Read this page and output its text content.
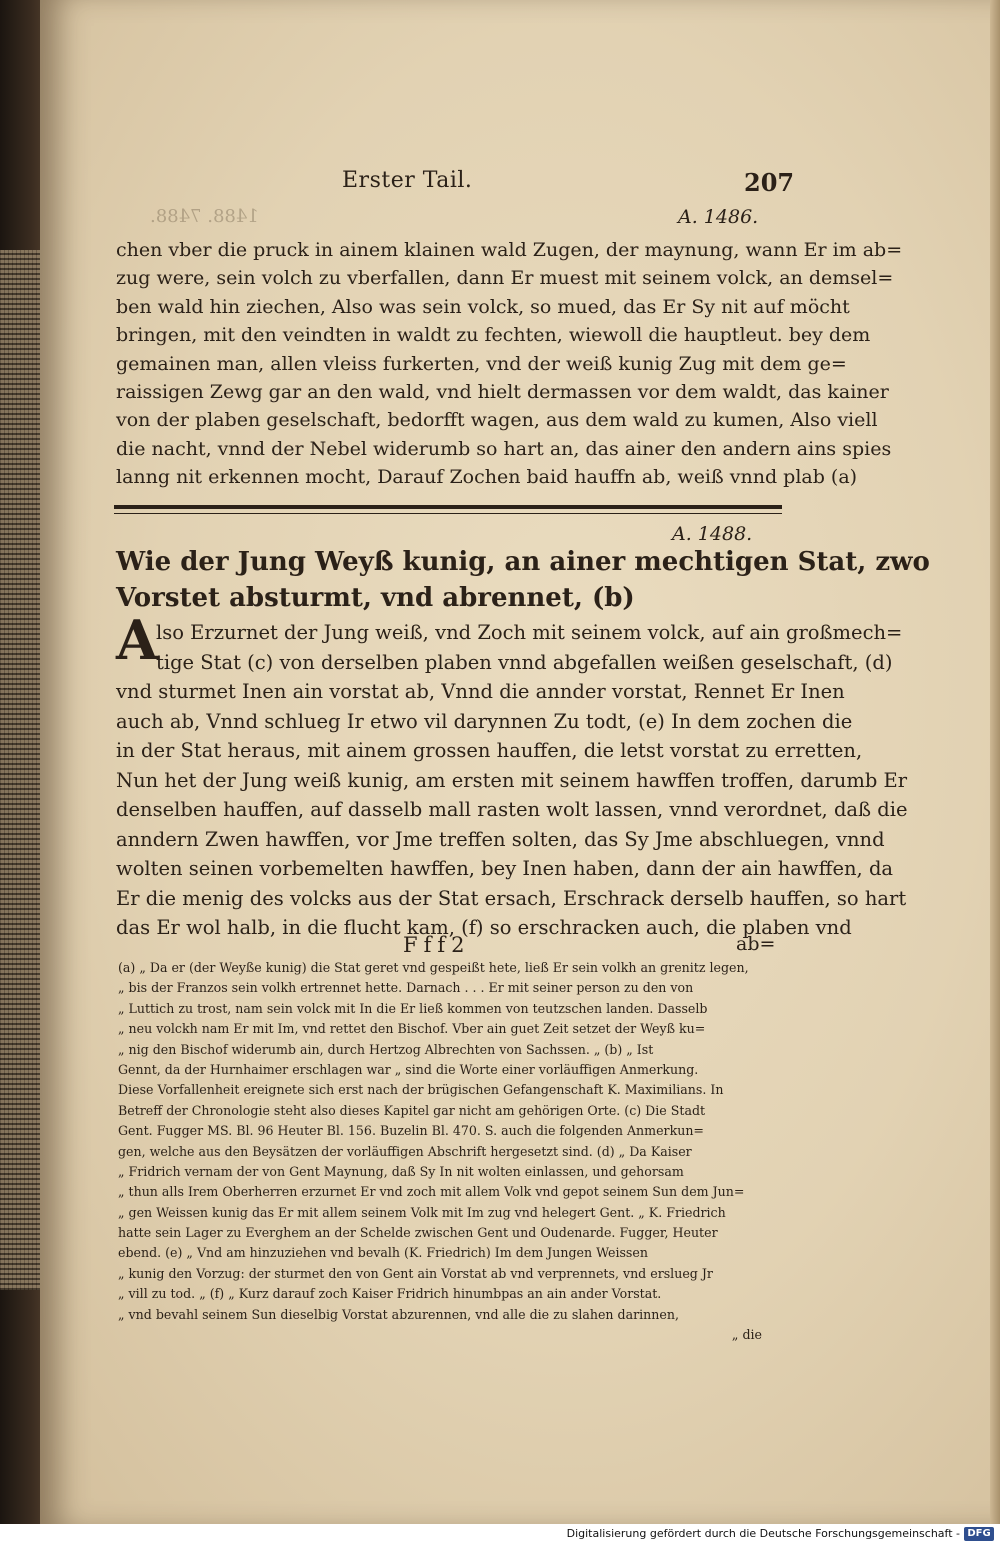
Erster Tail.	207
1488. 7488.	A. 1486.
chen vber die pruck in ainem klainen wald Zugen, der maynung, wann Er im ab=
zug were, sein volch zu vberfallen, dann Er muest mit seinem volck, an demsel=
ben wald hin ziechen, Also was sein volck, so mued, das Er Sy nit auf möcht
bringen, mit den veindten in waldt zu fechten, wiewoll die hauptleut. bey dem
gemainen man, allen vleiss furkerten, vnd der weiß kunig Zug mit dem ge=
raissigen Zewg gar an den wald, vnd hielt dermassen vor dem waldt, das kainer
von der plaben geselschaft, bedorfft wagen, aus dem wald zu kumen, Also viell
die nacht, vnnd der Nebel widerumb so hart an, das ainer den andern ains spies
lanng nit erkennen mocht, Darauf Zochen baid hauffn ab, weiß vnnd plab (a)
A. 1488.
Wie der Jung Weyß kunig, an ainer mechtigen Stat, zwo
Vorstet absturmt, vnd abrennet, (b)
A
lso Erzurnet der Jung weiß, vnd Zoch mit seinem volck, auf ain großmech=
tige Stat (c) von derselben plaben vnnd abgefallen weißen geselschaft, (d)
vnd sturmet Inen ain vorstat ab, Vnnd die annder vorstat, Rennet Er Inen
auch ab, Vnnd schlueg Ir etwo vil darynnen Zu todt, (e) In dem zochen die
in der Stat heraus, mit ainem grossen hauffen, die letst vorstat zu erretten,
Nun het der Jung weiß kunig, am ersten mit seinem hawffen troffen, darumb Er
denselben hauffen, auf dasselb mall rasten wolt lassen, vnnd verordnet, daß die
anndern Zwen hawffen, vor Jme treffen solten, das Sy Jme abschluegen, vnnd
wolten seinen vorbemelten hawffen, bey Inen haben, dann der ain hawffen, da
Er die menig des volcks aus der Stat ersach, Erschrack derselb hauffen, so hart
das Er wol halb, in die flucht kam, (f) so erschracken auch, die plaben vnd
Fff2	ab=
(a) „ Da er (der Weyße kunig) die Stat geret vnd gespeißt hete, ließ Er sein volkh an grenitz legen,
„ bis der Franzos sein volkh ertrennet hette. Darnach . . . Er mit seiner person zu den von
„ Luttich zu trost, nam sein volck mit In die Er ließ kommen von teutzschen landen. Dasselb
„ neu volckh nam Er mit Im, vnd rettet den Bischof. Vber ain guet Zeit setzet der Weyß ku=
„ nig den Bischof widerumb ain, durch Hertzog Albrechten von Sachssen. „ (b) „ Ist
Gennt, da der Hurnhaimer erschlagen war „ sind die Worte einer vorläuffigen Anmerkung.
Diese Vorfallenheit ereignete sich erst nach der brügischen Gefangenschaft K. Maximilians. In
Betreff der Chronologie steht also dieses Kapitel gar nicht am gehörigen Orte. (c) Die Stadt
Gent. Fugger MS. Bl. 96 Heuter Bl. 156. Buzelin Bl. 470. S. auch die folgenden Anmerkun=
gen, welche aus den Beysätzen der vorläuffigen Abschrift hergesetzt sind. (d) „ Da Kaiser
„ Fridrich vernam der von Gent Maynung, daß Sy In nit wolten einlassen, und gehorsam
„ thun alls Irem Oberherren erzurnet Er vnd zoch mit allem Volk vnd gepot seinem Sun dem Jun=
„ gen Weissen kunig das Er mit allem seinem Volk mit Im zug vnd helegert Gent. „ K. Friedrich
hatte sein Lager zu Everghem an der Schelde zwischen Gent und Oudenarde. Fugger, Heuter
ebend. (e) „ Vnd am hinzuziehen vnd bevalh (K. Friedrich) Im dem Jungen Weissen
„ kunig den Vorzug: der sturmet den von Gent ain Vorstat ab vnd verprennets, vnd erslueg Jr
„ vill zu tod. „ (f) „ Kurz darauf zoch Kaiser Fridrich hinumbpas an ain ander Vorstat.
„ vnd bevahl seinem Sun dieselbig Vorstat abzurennen, vnd alle die zu slahen darinnen,
„ die
Digitalisierung gefördert durch die Deutsche Forschungsgemeinschaft - DFG
